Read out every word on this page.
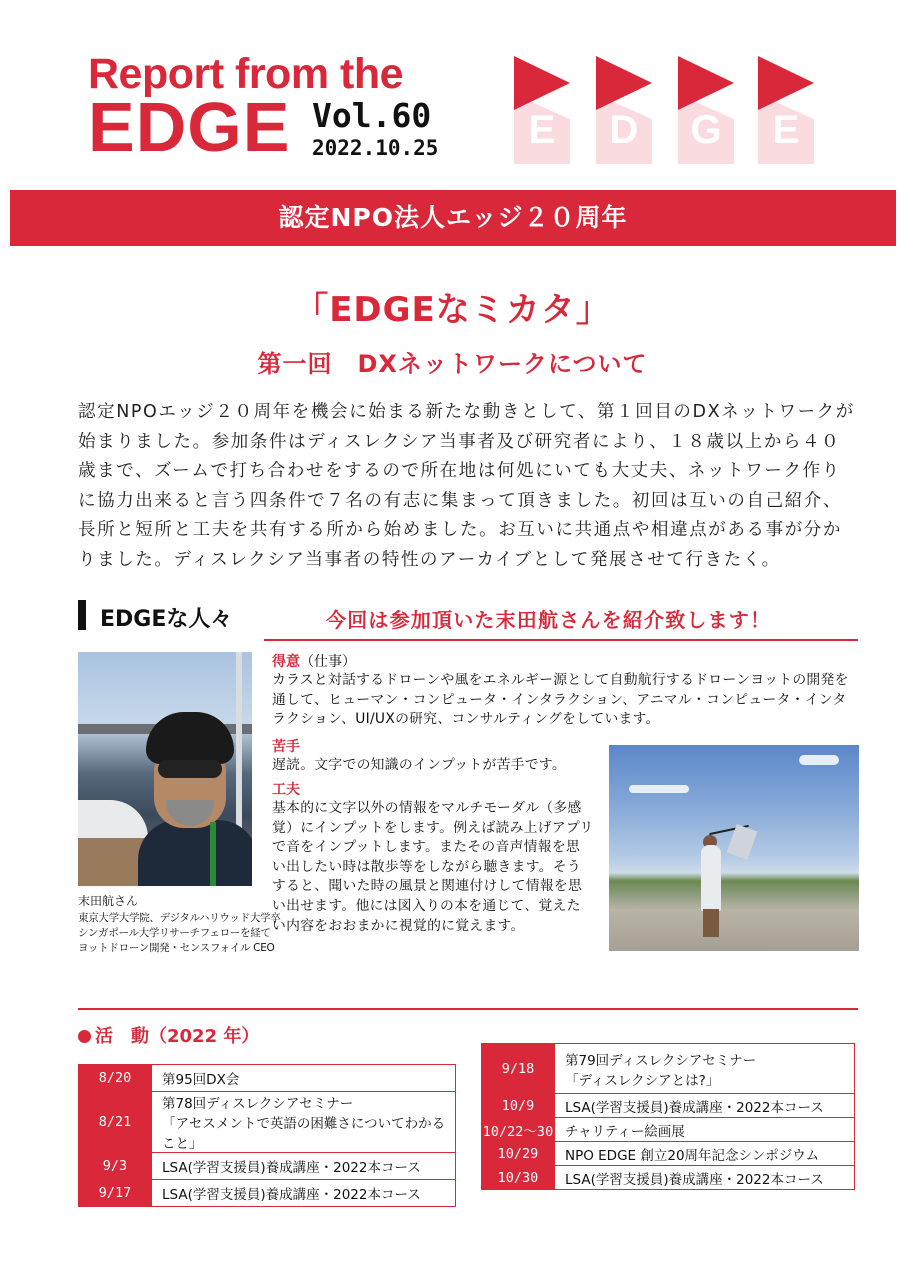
Report from the
EDGE Vol.60
2022.10.25	E	D	G	E
認定NPO法人エッジ２０周年
「EDGEなミカタ」
第一回　DXネットワークについて

認定NPOエッジ２０周年を機会に始まる新たな動きとして、第１回目のDXネットワークが始まりました。参加条件はディスレクシア当事者及び研究者により、１８歳以上から４０歳まで、ズームで打ち合わせをするので所在地は何処にいても大丈夫、ネットワーク作りに協力出来ると言う四条件で７名の有志に集まって頂きました。初回は互いの自己紹介、長所と短所と工夫を共有する所から始めました。お互いに共通点や相違点がある事が分かりました。ディスレクシア当事者の特性のアーカイブとして発展させて行きたく。

EDGEな人々	今回は参加頂いた末田航さんを紹介致します！
末田航さん
東京大学大学院、デジタルハリウッド大学卒
シンガポール大学リサーチフェローを経て
ヨットドローン開発・センスフォイル CEO
得意（仕事）

カラスと対話するドローンや風をエネルギー源として自動航行するドローンヨットの開発を通して、ヒューマン・コンピュータ・インタラクション、アニマル・コンピュータ・インタラクション、UI/UXの研究、コンサルティングをしています。

苦手

遅読。文字での知識のインプットが苦手です。

工夫

基本的に文字以外の情報をマルチモーダル（多感覚）にインプットをします。例えば読み上げアプリで音をインプットします。またその音声情報を思い出したい時は散歩等をしながら聴きます。そうすると、聞いた時の風景と関連付けして情報を思い出せます。他には図入りの本を通じて、覚えたい内容をおおまかに視覚的に覚えます。

活　動（2022 年）
8/20	第95回DX会
8/21	第78回ディスレクシアセミナー
「アセスメントで英語の困難さについてわかること」

9/3	LSA(学習支援員)養成講座・2022本コース
9/17	LSA(学習支援員)養成講座・2022本コース
9/18	第79回ディスレクシアセミナー
「ディスレクシアとは?」

10/9	LSA(学習支援員)養成講座・2022本コース
10/22～30	チャリティー絵画展
10/29	NPO EDGE 創立20周年記念シンポジウム
10/30	LSA(学習支援員)養成講座・2022本コース
